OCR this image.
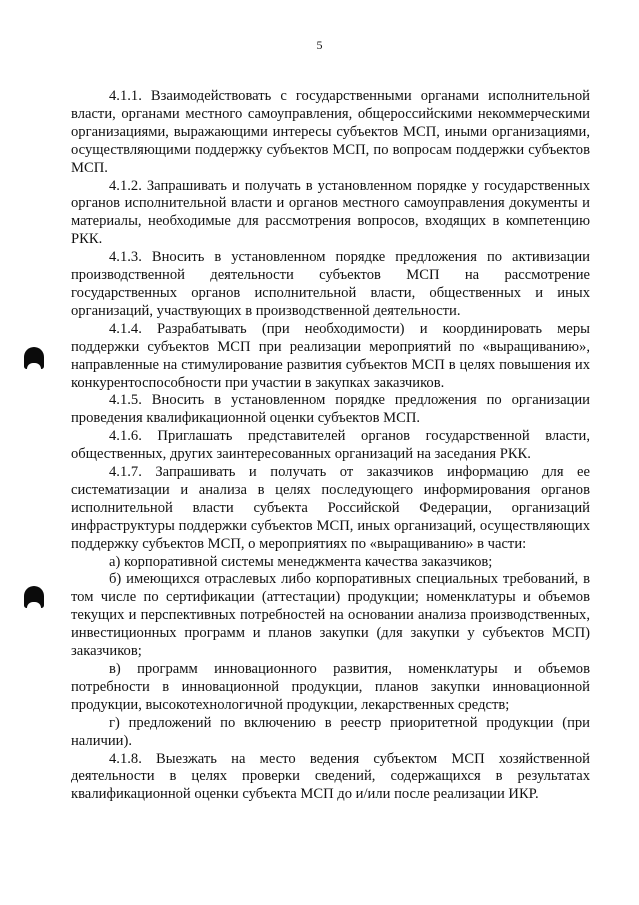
5

4.1.1. Взаимодействовать с государственными органами исполнительной власти, органами местного самоуправления, общероссийскими некоммерческими организациями, выражающими интересы субъектов МСП, иными организациями, осуществляющими поддержку субъектов МСП, по вопросам поддержки субъектов МСП.

4.1.2. Запрашивать и получать в установленном порядке у государственных органов исполнительной власти и органов местного самоуправления документы и материалы, необходимые для рассмотрения вопросов, входящих в компетенцию РКК.

4.1.3. Вносить в установленном порядке предложения по активизации производственной деятельности субъектов МСП на рассмотрение государственных органов исполнительной власти, общественных и иных организаций, участвующих в производственной деятельности.

4.1.4. Разрабатывать (при необходимости) и координировать меры поддержки субъектов МСП при реализации мероприятий по «выращиванию», направленные на стимулирование развития субъектов МСП в целях повышения их конкурентоспособности при участии в закупках заказчиков.

4.1.5. Вносить в установленном порядке предложения по организации проведения квалификационной оценки субъектов МСП.

4.1.6. Приглашать представителей органов государственной власти, общественных, других заинтересованных организаций на заседания РКК.

4.1.7. Запрашивать и получать от заказчиков информацию для ее систематизации и анализа в целях последующего информирования органов исполнительной власти субъекта Российской Федерации, организаций инфраструктуры поддержки субъектов МСП, иных организаций, осуществляющих поддержку субъектов МСП, о мероприятиях по «выращиванию» в части:

а) корпоративной системы менеджмента качества заказчиков;

б) имеющихся отраслевых либо корпоративных специальных требований, в том числе по сертификации (аттестации) продукции; номенклатуры и объемов текущих и перспективных потребностей на основании анализа производственных, инвестиционных программ и планов закупки (для закупки у субъектов МСП) заказчиков;

в) программ инновационного развития, номенклатуры и объемов потребности в инновационной продукции, планов закупки инновационной продукции, высокотехнологичной продукции, лекарственных средств;

г) предложений по включению в реестр приоритетной продукции (при наличии).

4.1.8. Выезжать на место ведения субъектом МСП хозяйственной деятельности в целях проверки сведений, содержащихся в результатах квалификационной оценки субъекта МСП до и/или после реализации ИКР.
